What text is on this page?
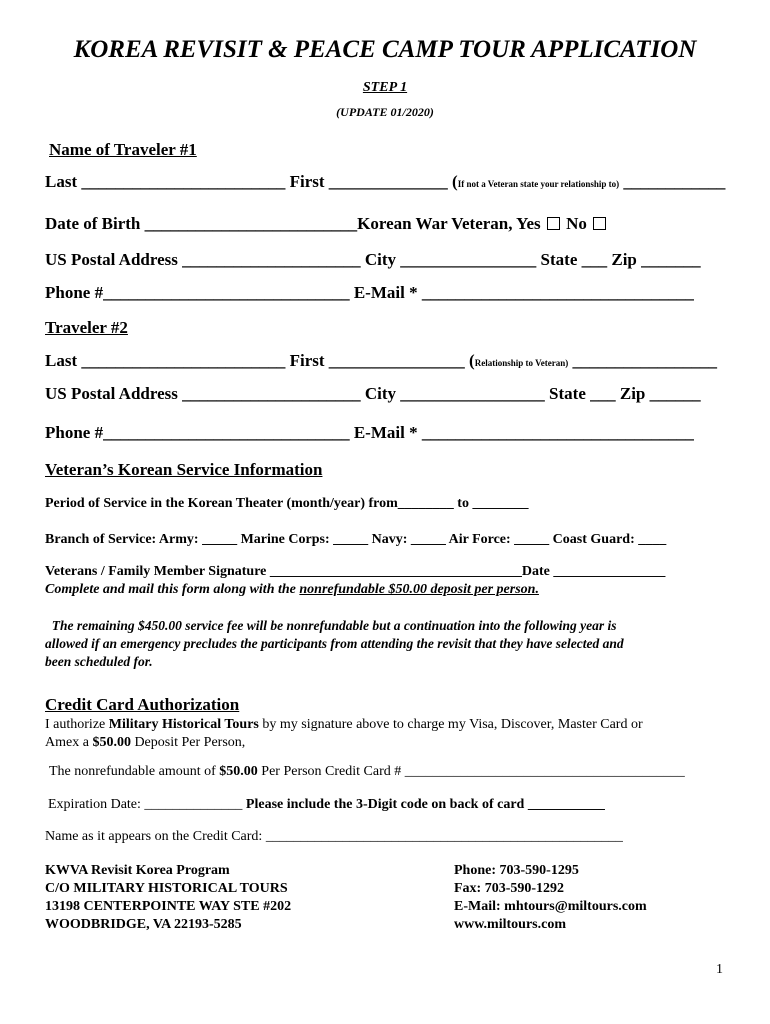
KOREA REVISIT & PEACE CAMP TOUR APPLICATION
STEP 1
(UPDATE 01/2020)
Name of Traveler #1
Last ________________________ First ______________ (If not a Veteran state your relationship to) ____________
Date of Birth _________________________Korean War Veteran, Yes  No
US Postal Address _____________________ City ________________ State ___ Zip _______
Phone #_____________________________ E-Mail * ________________________________
Traveler #2
Last ________________________ First ________________ (Relationship to Veteran) _________________
US Postal Address _____________________ City _________________ State ___ Zip ______
Phone #_____________________________ E-Mail * ________________________________
Veteran’s Korean Service Information
Period of Service in the Korean Theater (month/year) from________ to ________
Branch of Service: Army: _____ Marine Corps: _____ Navy: _____ Air Force: _____ Coast Guard: ____
Veterans / Family Member Signature ____________________________________Date ________________
Complete and mail this form along with the nonrefundable $50.00 deposit per person.
The remaining $450.00 service fee will be nonrefundable but a continuation into the following year is
allowed if an emergency precludes the participants from attending the revisit that they have selected and
been scheduled for.
Credit Card Authorization
I authorize Military Historical Tours by my signature above to charge my Visa, Discover, Master Card or
Amex a $50.00 Deposit Per Person,
The nonrefundable amount of $50.00 Per Person Credit Card # ________________________________________
Expiration Date: ______________ Please include the 3-Digit code on back of card ___________
Name as it appears on the Credit Card: ___________________________________________________
KWVA Revisit Korea Program
C/O MILITARY HISTORICAL TOURS
13198 CENTERPOINTE WAY STE #202
WOODBRIDGE, VA 22193-5285
Phone: 703-590-1295
Fax: 703-590-1292
E-Mail: mhtours@miltours.com
www.miltours.com
1
